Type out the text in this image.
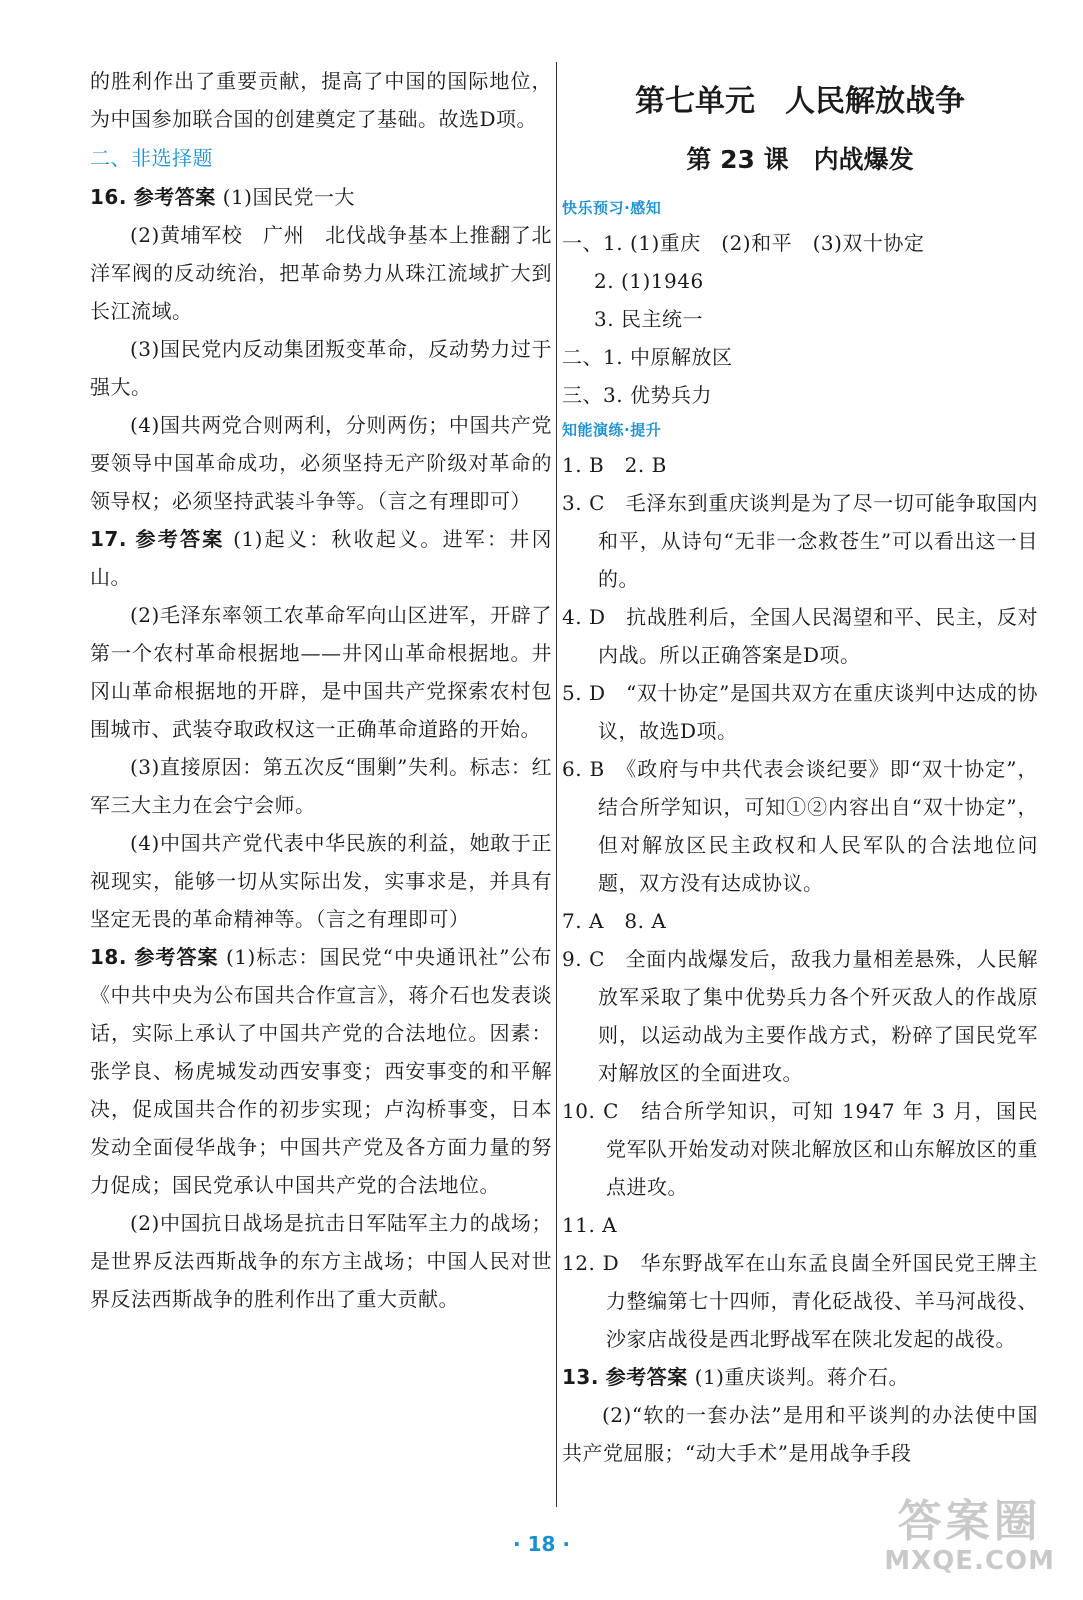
的胜利作出了重要贡献，提高了中国的国际地位，为中国参加联合国的创建奠定了基础。故选D项。

二、非选择题

16. 参考答案 (1)国民党一大

(2)黄埔军校　广州　北伐战争基本上推翻了北洋军阀的反动统治，把革命势力从珠江流域扩大到长江流域。

(3)国民党内反动集团叛变革命，反动势力过于强大。

(4)国共两党合则两利，分则两伤；中国共产党要领导中国革命成功，必须坚持无产阶级对革命的领导权；必须坚持武装斗争等。（言之有理即可）

17. 参考答案 (1)起义：秋收起义。进军：井冈山。

(2)毛泽东率领工农革命军向山区进军，开辟了第一个农村革命根据地——井冈山革命根据地。井冈山革命根据地的开辟，是中国共产党探索农村包围城市、武装夺取政权这一正确革命道路的开始。

(3)直接原因：第五次反“围剿”失利。标志：红军三大主力在会宁会师。

(4)中国共产党代表中华民族的利益，她敢于正视现实，能够一切从实际出发，实事求是，并具有坚定无畏的革命精神等。（言之有理即可）

18. 参考答案 (1)标志：国民党“中央通讯社”公布《中共中央为公布国共合作宣言》，蒋介石也发表谈话，实际上承认了中国共产党的合法地位。因素：张学良、杨虎城发动西安事变；西安事变的和平解决，促成国共合作的初步实现；卢沟桥事变，日本发动全面侵华战争；中国共产党及各方面力量的努力促成；国民党承认中国共产党的合法地位。

(2)中国抗日战场是抗击日军陆军主力的战场；是世界反法西斯战争的东方主战场；中国人民对世界反法西斯战争的胜利作出了重大贡献。

第七单元　人民解放战争
第 23 课　内战爆发

快乐预习·感知

一、1. (1)重庆　(2)和平　(3)双十协定

2. (1)1946

3. 民主统一

二、1. 中原解放区

三、3. 优势兵力

知能演练·提升

1. B　2. B

3. C　毛泽东到重庆谈判是为了尽一切可能争取国内和平，从诗句“无非一念救苍生”可以看出这一目的。

4. D　抗战胜利后，全国人民渴望和平、民主，反对内战。所以正确答案是D项。

5. D　“双十协定”是国共双方在重庆谈判中达成的协议，故选D项。

6. B　《政府与中共代表会谈纪要》即“双十协定”，结合所学知识，可知①②内容出自“双十协定”，但对解放区民主政权和人民军队的合法地位问题，双方没有达成协议。

7. A　8. A

9. C　全面内战爆发后，敌我力量相差悬殊，人民解放军采取了集中优势兵力各个歼灭敌人的作战原则，以运动战为主要作战方式，粉碎了国民党军对解放区的全面进攻。

10. C　结合所学知识，可知 1947 年 3 月，国民党军队开始发动对陕北解放区和山东解放区的重点进攻。

11. A

12. D　华东野战军在山东孟良崮全歼国民党王牌主力整编第七十四师，青化砭战役、羊马河战役、沙家店战役是西北野战军在陕北发起的战役。

13. 参考答案 (1)重庆谈判。蒋介石。

(2)“软的一套办法”是用和平谈判的办法使中国共产党屈服；“动大手术”是用战争手段

· 18 ·	答案圈
MXQE.COM
